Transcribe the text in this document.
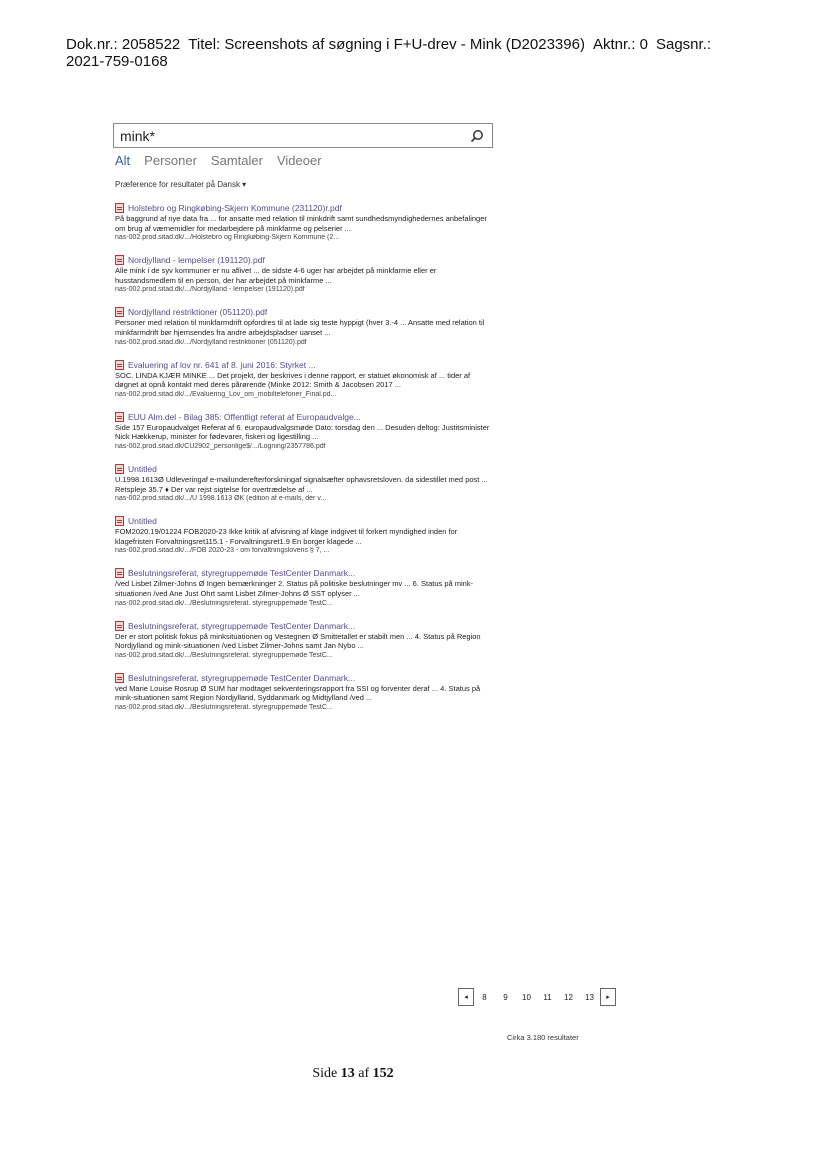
Dok.nr.: 2058522 Titel: Screenshots af søgning i F+U-drev - Mink (D2023396) Aktnr.: 0 Sagsnr.:
2021-759-0168
mink*
Alt Personer Samtaler Videoer
Præference for resultater på Dansk ▾
Holstebro og Ringkøbing-Skjern Kommune (231120)r.pdf
På baggrund af nye data fra ... for ansatte med relation til minkdrift samt sundhedsmyndighedernes anbefalinger om brug af værnemidler for medarbejdere på minkfarme og pelserier ...
nas-002.prod.sitad.dk/.../Holstebro og Ringkøbing-Skjern Kommune (2...
Nordjylland - lempelser (191120).pdf
Alle mink i de syv kommuner er nu aflivet ... de sidste 4-6 uger har arbejdet på minkfarme eller er husstandsmedlem til en person, der har arbejdet på minkfarme ...
nas-002.prod.sitad.dk/.../Nordjylland - lempelser (191120).pdf
Nordjylland restriktioner (051120).pdf
Personer med relation til minkfarmdrift opfordres til at lade sig teste hyppigt (hver 3.-4 ... Ansatte med relation til minkfarmdrift bør hjemsendes fra andre arbejdspladser uanset ...
nas-002.prod.sitad.dk/.../Nordjylland restriktioner (051120).pdf
Evaluering af lov nr. 641 af 8. juni 2016: Styrket ...
SOC. LINDA KJÆR MINKE ... Det projekt, der beskrives i denne rapport, er statuet økonomisk af ... tider af døgnet at opnå kontakt med deres pårørende (Minke 2012: Smith & Jacobsen 2017 ...
nas-002.prod.sitad.dk/.../Evaluering_Lov_om_mobiltelefoner_Final.pd...
EUU Alm.del - Bilag 385: Offentligt referat af Europaudvalge...
Side 157 Europaudvalget Referat af 6. europaudvalgsmøde Dato: torsdag den ... Desuden deltog: Justitsminister Nick Hækkerup, minister for fødevarer, fiskeri og ligestilling ...
nas-002.prod.sitad.dk/CU2902_personlige$/.../Logning/2357786.pdf
Untitled
U.1998.1613Ø Udleveringaf e-mailunderefterforskningaf signalsæfter ophavsretsloven. da sidestillet med post ... Retspleje 35.7 ♦ Der var rejst sigtelse for overtrædelse af ...
nas-002.prod.sitad.dk/.../U 1998.1613 ØK (edition af e-mails, der v...
Untitled
FOM2020.19/01224 FOB2020-23 Ikke kritik af afvisning af klage indgivet til forkert myndighed inden for klagefristen Forvaltningsret115.1 - Forvaltningsret1.9 En borger klagede ...
nas-002.prod.sitad.dk/.../FOB 2020-23 - om forvaltningslovens § 7, ...
Beslutningsreferat, styregruppemøde TestCenter Danmark...
/ved Lisbet Zilmer-Johns Ø Ingen bemærkninger 2. Status på politiske beslutninger mv ... 6. Status på mink-situationen /ved Ane Just Ohrt samt Lisbet Zilmer-Johns Ø SST oplyser ...
nas-002.prod.sitad.dk/.../Beslutningsreferat. styregruppemøde TestC...
Beslutningsreferat, styregruppemøde TestCenter Danmark...
Der er stort politisk fokus på minksituationen og Vestegnen Ø Smittetallet er stabilt men ... 4. Status på Region Nordjylland og mink-situationen /ved Lisbet Zilmer-Johns samt Jan Nybo ...
nas-002.prod.sitad.dk/.../Beslutningsreferat. styregruppemøde TestC...
Beslutningsreferat, styregruppemøde TestCenter Danmark...
ved Marie Louise Rosrup Ø SUM har modtaget sekventeringsrapport fra SSI og forventer deraf ... 4. Status på mink-situationen samt Region Nordjylland, Syddanmark og Midtjylland /ved ...
nas-002.prod.sitad.dk/.../Beslutningsreferat. styregruppemøde TestC...
◂	8	9	10	11	12	13	▸
Cirka 3.180 resultater
Side 13 af 152
